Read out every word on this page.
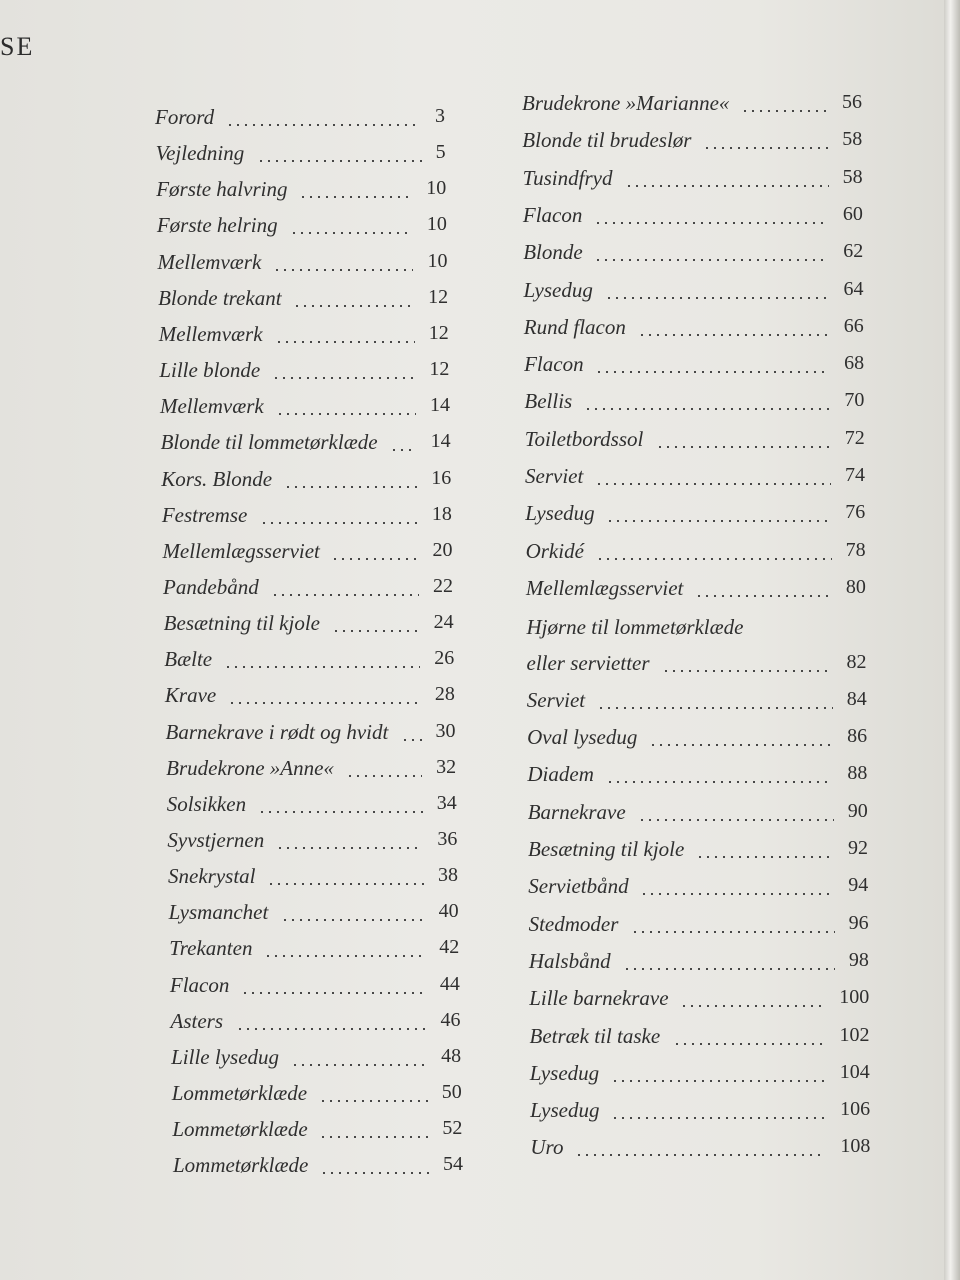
SE
Forord	3
Vejledning	5
Første halvring	10
Første helring	10
Mellemværk	10
Blonde trekant	12
Mellemværk	12
Lille blonde	12
Mellemværk	14
Blonde til lommetørklæde	14
Kors. Blonde	16
Festremse	18
Mellemlægsserviet	20
Pandebånd	22
Besætning til kjole	24
Bælte	26
Krave	28
Barnekrave i rødt og hvidt 30
Brudekrone »Anne«	32
Solsikken	34
Syvstjernen	36
Snekrystal	38
Lysmanchet	40
Trekanten	42
Flacon	44
Asters	46
Lille lysedug	48
Lommetørklæde	50
Lommetørklæde	52
Lommetørklæde	54
Brudekrone »Marianne«	56
Blonde til brudeslør	58
Tusindfryd	58
Flacon	60
Blonde	62
Lysedug	64
Rund flacon	66
Flacon	68
Bellis	70
Toiletbordssol	72
Serviet	74
Lysedug	76
Orkidé	78
Mellemlægsserviet	80
Hjørne til lommetørklæde
eller servietter	82
Serviet	84
Oval lysedug	86
Diadem	88
Barnekrave	90
Besætning til kjole	92
Servietbånd	94
Stedmoder	96
Halsbånd	98
Lille barnekrave	100
Betræk til taske	102
Lysedug	104
Lysedug	106
Uro	108
